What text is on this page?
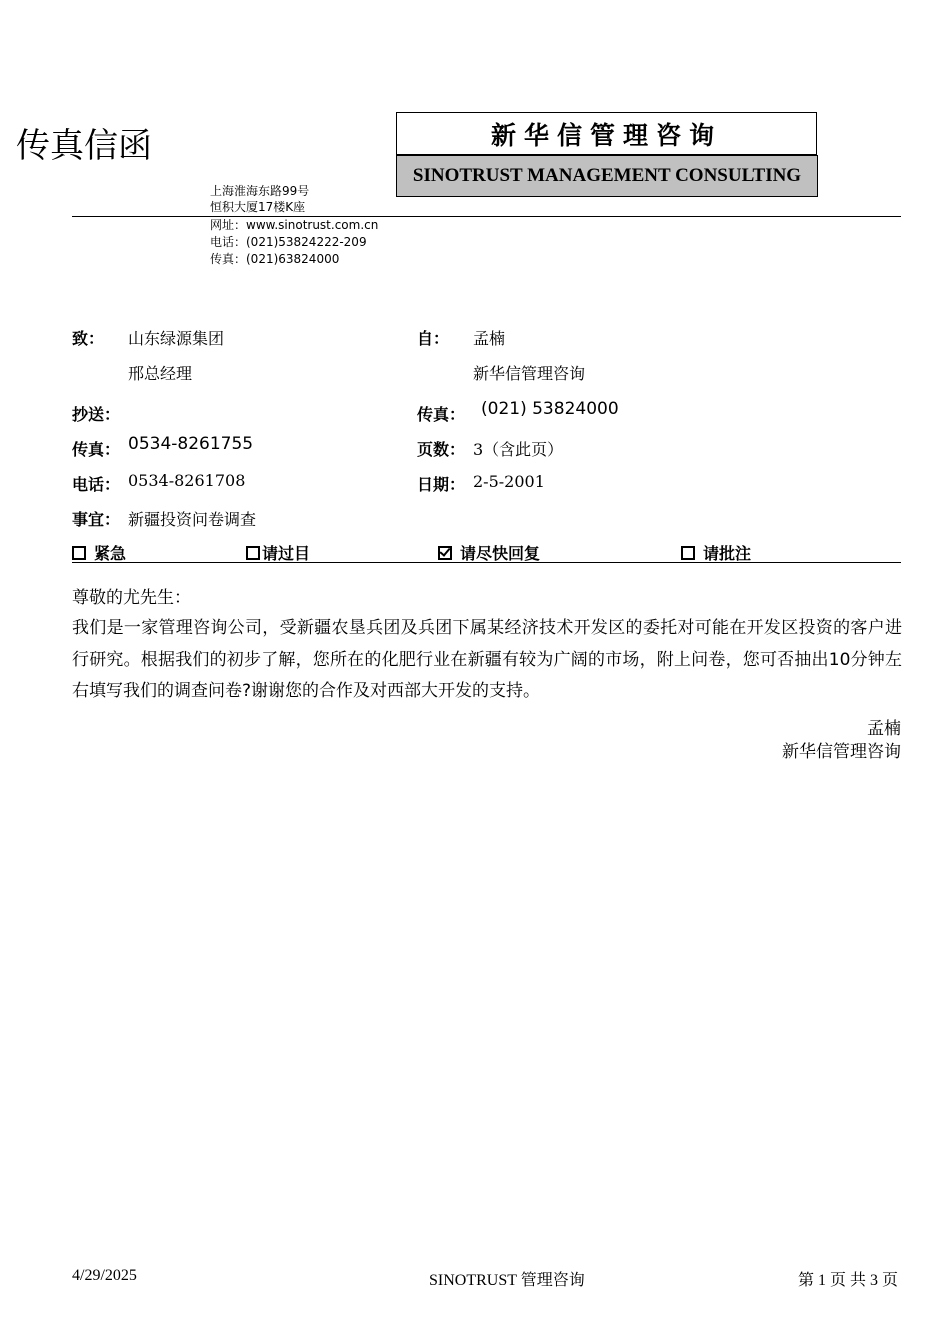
传真信函	新华信管理咨询
SINOTRUST MANAGEMENT CONSULTING
上海淮海东路99号
恒积大厦17楼K座
网址：www.sinotrust.com.cn
电话：(021)53824222-209
传真：(021)63824000
致： 山东绿源集团
邢总经理
抄送：
传真： 0534-8261755
电话： 0534-8261708
事宜： 新疆投资问卷调查
自： 孟楠
新华信管理咨询
传真： (021) 53824000
页数： 3（含此页）
日期： 2-5-2001
紧急	请过目	请尽快回复	请批注
尊敬的尤先生：
我们是一家管理咨询公司，受新疆农垦兵团及兵团下属某经济技术开发区的委托对可能在开发区投资的客户进行研究。根据我们的初步了解，您所在的化肥行业在新疆有较为广阔的市场，附上问卷，您可否抽出10分钟左右填写我们的调查问卷?谢谢您的合作及对西部大开发的支持。
孟楠
新华信管理咨询
4/29/2025	SINOTRUST 管理咨询	第 1 页 共 3 页
